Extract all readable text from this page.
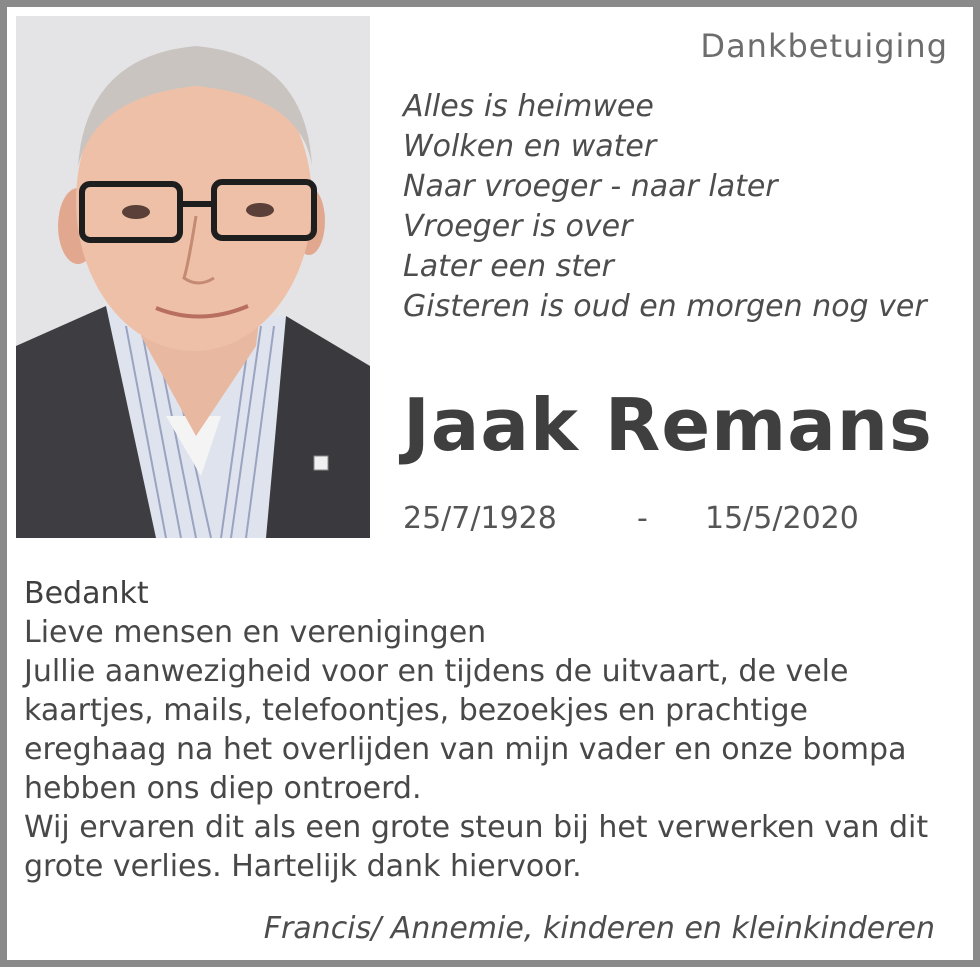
Dankbetuiging
Alles is heimwee
Wolken en water
Naar vroeger - naar later
Vroeger is over
Later een ster
Gisteren is oud en morgen nog ver
Jaak Remans
25/7/1928	- 15/5/2020
Bedankt
Lieve mensen en verenigingen
Jullie aanwezigheid voor en tijdens de uitvaart, de vele
kaartjes, mails, telefoontjes, bezoekjes en prachtige
ereghaag na het overlijden van mijn vader en onze bompa
hebben ons diep ontroerd.
Wij ervaren dit als een grote steun bij het verwerken van dit
grote verlies. Hartelijk dank hiervoor.
Francis/ Annemie, kinderen en kleinkinderen
